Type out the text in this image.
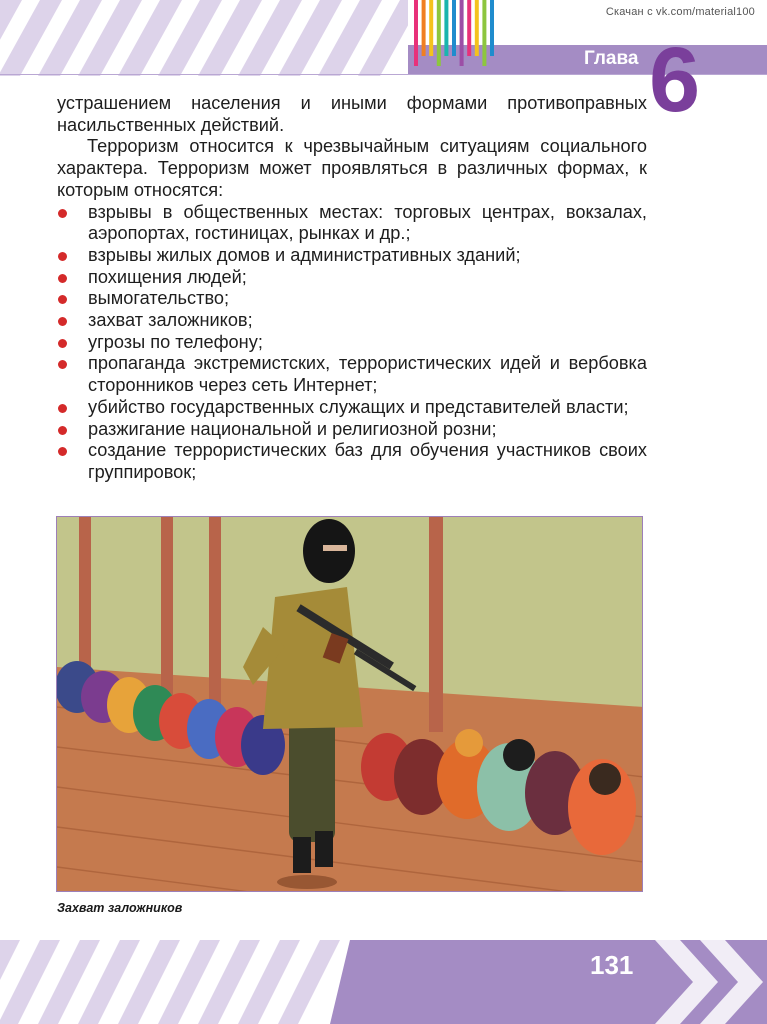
Скачан с vk.com/material100
Глава 6

устрашением населения и иными формами противоправных насильственных действий.

Терроризм относится к чрезвычайным ситуациям социального характера. Терроризм может проявляться в различных формах, к которым относятся:

взрывы в общественных местах: торговых центрах, вокзалах, аэропортах, гостиницах, рынках и др.;
взрывы жилых домов и административных зданий;
похищения людей;
вымогательство;
захват заложников;
угрозы по телефону;
пропаганда экстремистских, террористических идей и вербовка сторонников через сеть Интернет;
убийство государственных служащих и представителей власти;
разжигание национальной и религиозной розни;
создание террористических баз для обучения участников своих группировок;
Захват заложников
131
